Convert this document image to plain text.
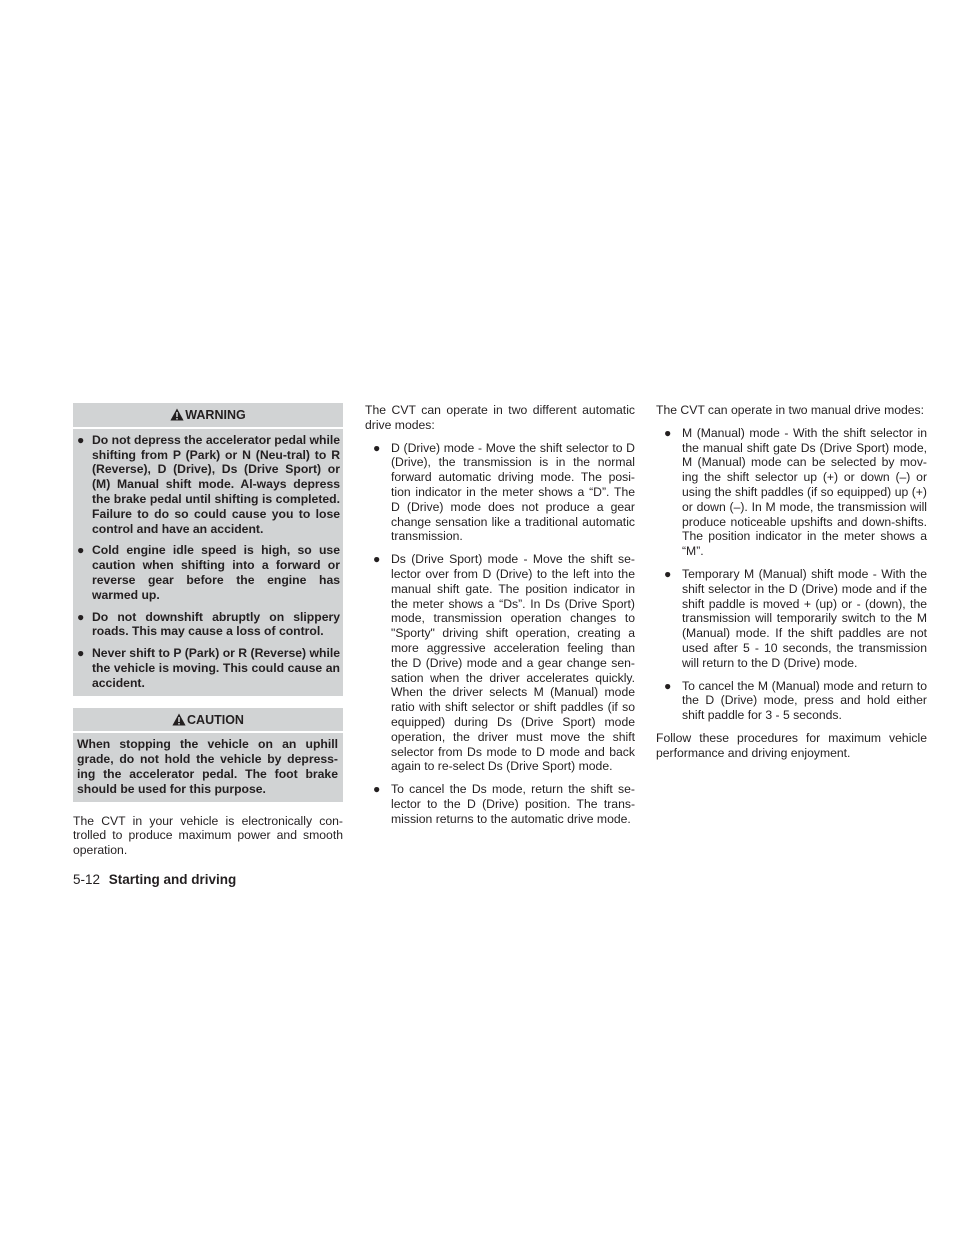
WARNING
● Do not depress the accelerator pedal while shifting from P (Park) or N (Neu-tral) to R (Reverse), D (Drive), Ds (Drive Sport) or (M) Manual shift mode. Al-ways depress the brake pedal until shifting is completed. Failure to do so could cause you to lose control and have an accident.
● Cold engine idle speed is high, so use caution when shifting into a forward or reverse gear before the engine has warmed up.
● Do not downshift abruptly on slippery roads. This may cause a loss of control.
● Never shift to P (Park) or R (Reverse) while the vehicle is moving. This could cause an accident.
CAUTION
When stopping the vehicle on an uphill grade, do not hold the vehicle by depress-ing the accelerator pedal. The foot brake should be used for this purpose.

The CVT in your vehicle is electronically con-trolled to produce maximum power and smooth operation.

The CVT can operate in two different automatic drive modes:

● D (Drive) mode - Move the shift selector to D (Drive), the transmission is in the normal forward automatic driving mode. The posi-tion indicator in the meter shows a “D”. The D (Drive) mode does not produce a gear change sensation like a traditional automatic transmission.
● Ds (Drive Sport) mode - Move the shift se-lector over from D (Drive) to the left into the manual shift gate. The position indicator in the meter shows a “Ds”. In Ds (Drive Sport) mode, transmission operation changes to "Sporty" driving shift operation, creating a more aggressive acceleration feeling than the D (Drive) mode and a gear change sen-sation when the driver accelerates quickly. When the driver selects M (Manual) mode ratio with shift selector or shift paddles (if so equipped) during Ds (Drive Sport) mode operation, the driver must move the shift selector from Ds mode to D mode and back again to re-select Ds (Drive Sport) mode.
● To cancel the Ds mode, return the shift se-lector to the D (Drive) position. The trans-mission returns to the automatic drive mode.

The CVT can operate in two manual drive modes:

● M (Manual) mode - With the shift selector in the manual shift gate Ds (Drive Sport) mode, M (Manual) mode can be selected by mov-ing the shift selector up (+) or down (–) or using the shift paddles (if so equipped) up (+) or down (–). In M mode, the transmission will produce noticeable upshifts and down-shifts. The position indicator in the meter shows a “M”.
● Temporary M (Manual) shift mode - With the shift selector in the D (Drive) mode and if the shift paddle is moved + (up) or - (down), the transmission will temporarily switch to the M (Manual) mode. If the shift paddles are not used after 5 - 10 seconds, the transmission will return to the D (Drive) mode.
● To cancel the M (Manual) mode and return to the D (Drive) mode, press and hold either shift paddle for 3 - 5 seconds.

Follow these procedures for maximum vehicle performance and driving enjoyment.

5-12 Starting and driving
